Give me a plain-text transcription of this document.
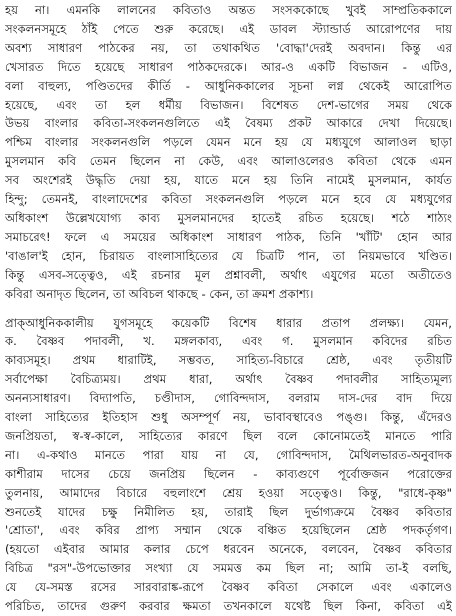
হয় না। এমনকি লালনের কবিতাও অন্তত সংসককোছে খুবই সাম্প্রতিককালে
সংকলনসমূহে ঠাঁই পেতে শুরু করেছে। এই ডাবল স্ট্যান্ডার্ড আরোপণের দায়
অবশ্য সাধারণ পাঠকের নয়, তা তথাকথিত 'বোদ্ধা'দেরই অবদান। কিন্তু এর
খেসারত দিতে হয়েছে সাধারণ পাঠকদেরকে। আর-ও একটি বিভাজন - এটিও,
বলা বাহুল্য, পণ্ডিতদের কীর্তি - আধুনিককালের সূচনা লগ্ন থেকেই আরোপিত
হয়েছে, এবং তা হল ধর্মীয় বিভাজন। বিশেষত দেশ-ভাগের সময় থেকে
উভয় বাংলার কবিতা-সংকলনগুলিতে এই বৈষম্য প্রকট আকারে দেখা দিয়েছে।
পশ্চিম বাংলার সংকলনগুলি পড়লে যেমন মনে হয় যে মধ্যযুগে আলাওল ছাড়া
মুসলমান কবি তেমন ছিলেন না কেউ, এবং আলাওলেরও কবিতা থেকে এমন
সব অংশেরই উদ্ধৃতি দেয়া হয়, যাতে মনে হয় তিনি নামেই মুসলমান, কার্যত
হিন্দু; তেমনই, বাংলাদেশের কবিতা সংকলনগুলি পড়লে মনে হবে যে মধ্যযুগের
অধিকাংশ উল্লেখযোগ্য কাব্য মুসলমানদের হাতেই রচিত হয়েছে। শঠে শাঠ্যং
সমাচরেৎ! ফলে এ সময়ের অধিকাংশ সাধারণ পাঠক, তিনি 'খাঁটি' হোন আর
'বাঙাল'ই হোন, চিরায়ত বাংলাসাহিত্যের যে চিত্রটি পান, তা নিয়মভাবে খণ্ডিত।
কিন্তু এসব-সত্ত্বেও, এই রচনার মূল প্রশ্নাবলী, অর্থাৎ এযুগের মতো অতীতেও
কবিরা অনাদৃত ছিলেন, তা অবিচল থাকছে - কেন, তা ক্রমশ প্রকাশ্য।
প্রাক্‌আধুনিককালীয় যুগসমূহে কয়েকটি বিশেষ ধারার প্রতাপ প্রলক্ষ্য। যেমন,
ক. বৈষ্ণব পদাবলী, খ. মঙ্গলকাব্য, এবং গ. মুসলমান কবিদের রচিত
কাব্যসমূহ। প্রথম ধারাটিই, সম্ভবত, সাহিত্য-বিচারে শ্রেষ্ঠ, এবং তৃতীয়টি
সর্বাপেক্ষা বৈচিত্র্যময়। প্রথম ধারা, অর্থাৎ বৈষ্ণব পদাবলীর সাহিত্যমূল্য
অনন্যসাধারণ। বিদ্যাপতি, চণ্ডীদাস, গোবিন্দদাস, বলরাম দাস-দের বাদ দিয়ে
বাংলা সাহিত্যের ইতিহাস শুধু অসম্পূর্ণ নয়, ভাবাবস্থাবেও পঙ্গু। কিন্তু, এঁদেরও
জনপ্রিয়তা, স্ব-স্ব-কালে, সাহিত্যের কারণে ছিল বলে কোনোমতেই মানতে পারি
না। এ-কথাও মানতে পারা যায় না যে, গোবিন্দদাস, মৈথিলভারত-অনুবাদক
কাশীরাম দাসের চেয়ে জনপ্রিয় ছিলেন - কাব্যগুণে পূর্বোক্তজন পরোক্তের
তুলনায়, আমাদের বিচারে বহুলাংশে শ্রেয় হওয়া সত্ত্বেও। কিন্তু, "রাধে-কৃষ্ণ"
শুনতেই যাদের চক্ষু নিমীলিত হয়, তারাই ছিল দুর্ভাগ্যক্রমে বৈষ্ণব কবিতার
'শ্রোতা', এবং কবির প্রাপ্য সম্মান থেকে বঞ্চিত হয়েছিলেন শ্রেষ্ঠ পদকর্তৃগণ।
(হয়তো এইবার আমার কলার চেপে ধরবেন অনেকে, বলবেন, বৈষ্ণব কবিতার
বিচিত্র "রস"-উপভোক্তার সংখ্যা যে সমমত্ত কম ছিল না; আমি তা-ই বলছি,
যে যে-সমস্ত রসের সারবারাঙ্ক-রূপে বৈষ্ণব কবিতা সেকালে এবং একালেও
পরিচিত, তাদের গুরুণ করবার ক্ষমতা তখনকালে যথেষ্ট ছিল কিনা, কবিতা এই
